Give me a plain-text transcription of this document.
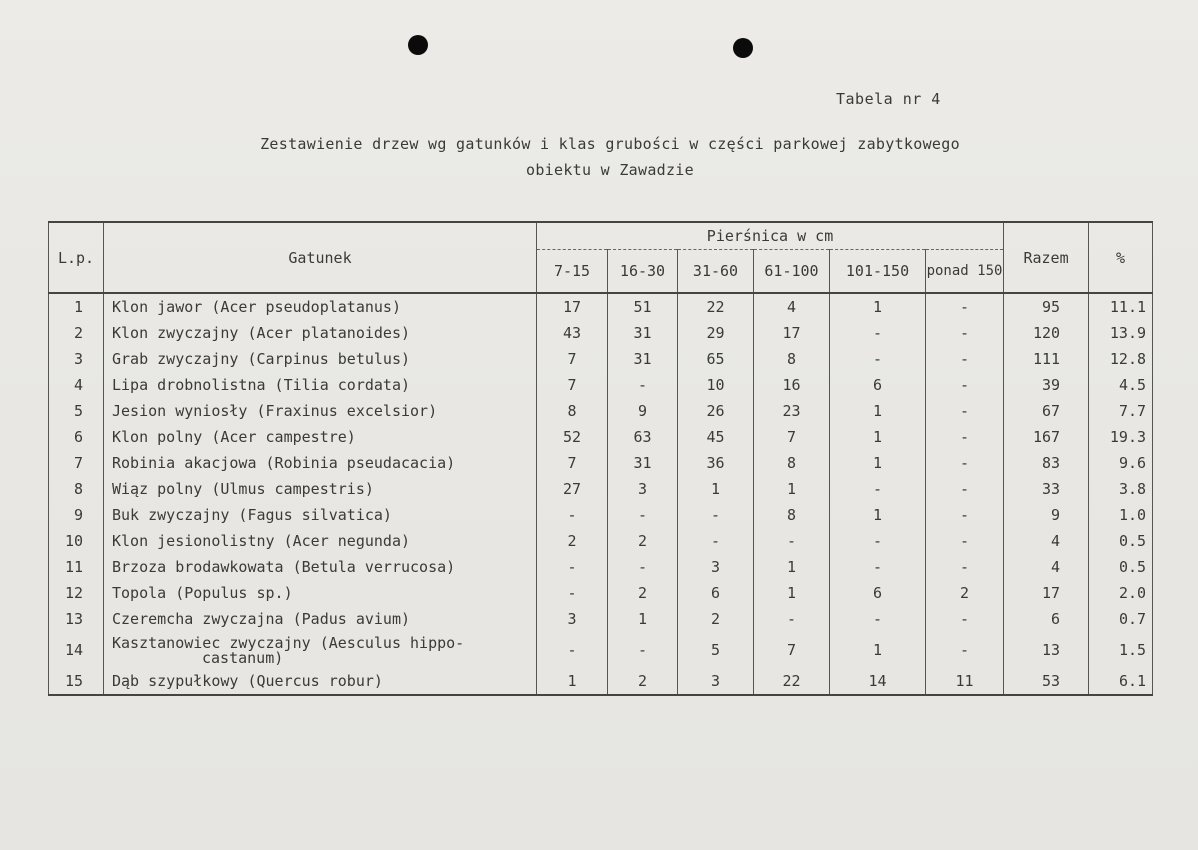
Tabela nr 4
Zestawienie drzew wg gatunków i klas grubości w części parkowej zabytkowego
obiektu w Zawadzie
L.p.	Gatunek	Pierśnica w cm						Razem	%
		7-15	16-30	31-60	61-100	101-150	ponad 150		
1	Klon jawor (Acer pseudoplatanus)	17	51	22	4	1	-	95	11.1
2	Klon zwyczajny (Acer platanoides)	43	31	29	17	-	-	120	13.9
3	Grab zwyczajny (Carpinus betulus)	7	31	65	8	-	-	111	12.8
4	Lipa drobnolistna (Tilia cordata)	7	-	10	16	6	-	39	4.5
5	Jesion wyniosły (Fraxinus excelsior)	8	9	26	23	1	-	67	7.7
6	Klon polny (Acer campestre)	52	63	45	7	1	-	167	19.3
7	Robinia akacjowa (Robinia pseudacacia)	7	31	36	8	1	-	83	9.6
8	Wiąz polny (Ulmus campestris)	27	3	1	1	-	-	33	3.8
9	Buk zwyczajny (Fagus silvatica)	-	-	-	8	1	-	9	1.0
10	Klon jesionolistny (Acer negunda)	2	2	-	-	-	-	4	0.5
11	Brzoza brodawkowata (Betula verrucosa)	-	-	3	1	-	-	4	0.5
12	Topola (Populus sp.)	-	2	6	1	6	2	17	2.0
13	Czeremcha zwyczajna (Padus avium)	3	1	2	-	-	-	6	0.7
14	Kasztanowiec zwyczajny (Aesculus hippo-
castanum)	-	-	5	7	1	-	13	1.5
15	Dąb szypułkowy (Quercus robur)	1	2	3	22	14	11	53	6.1
